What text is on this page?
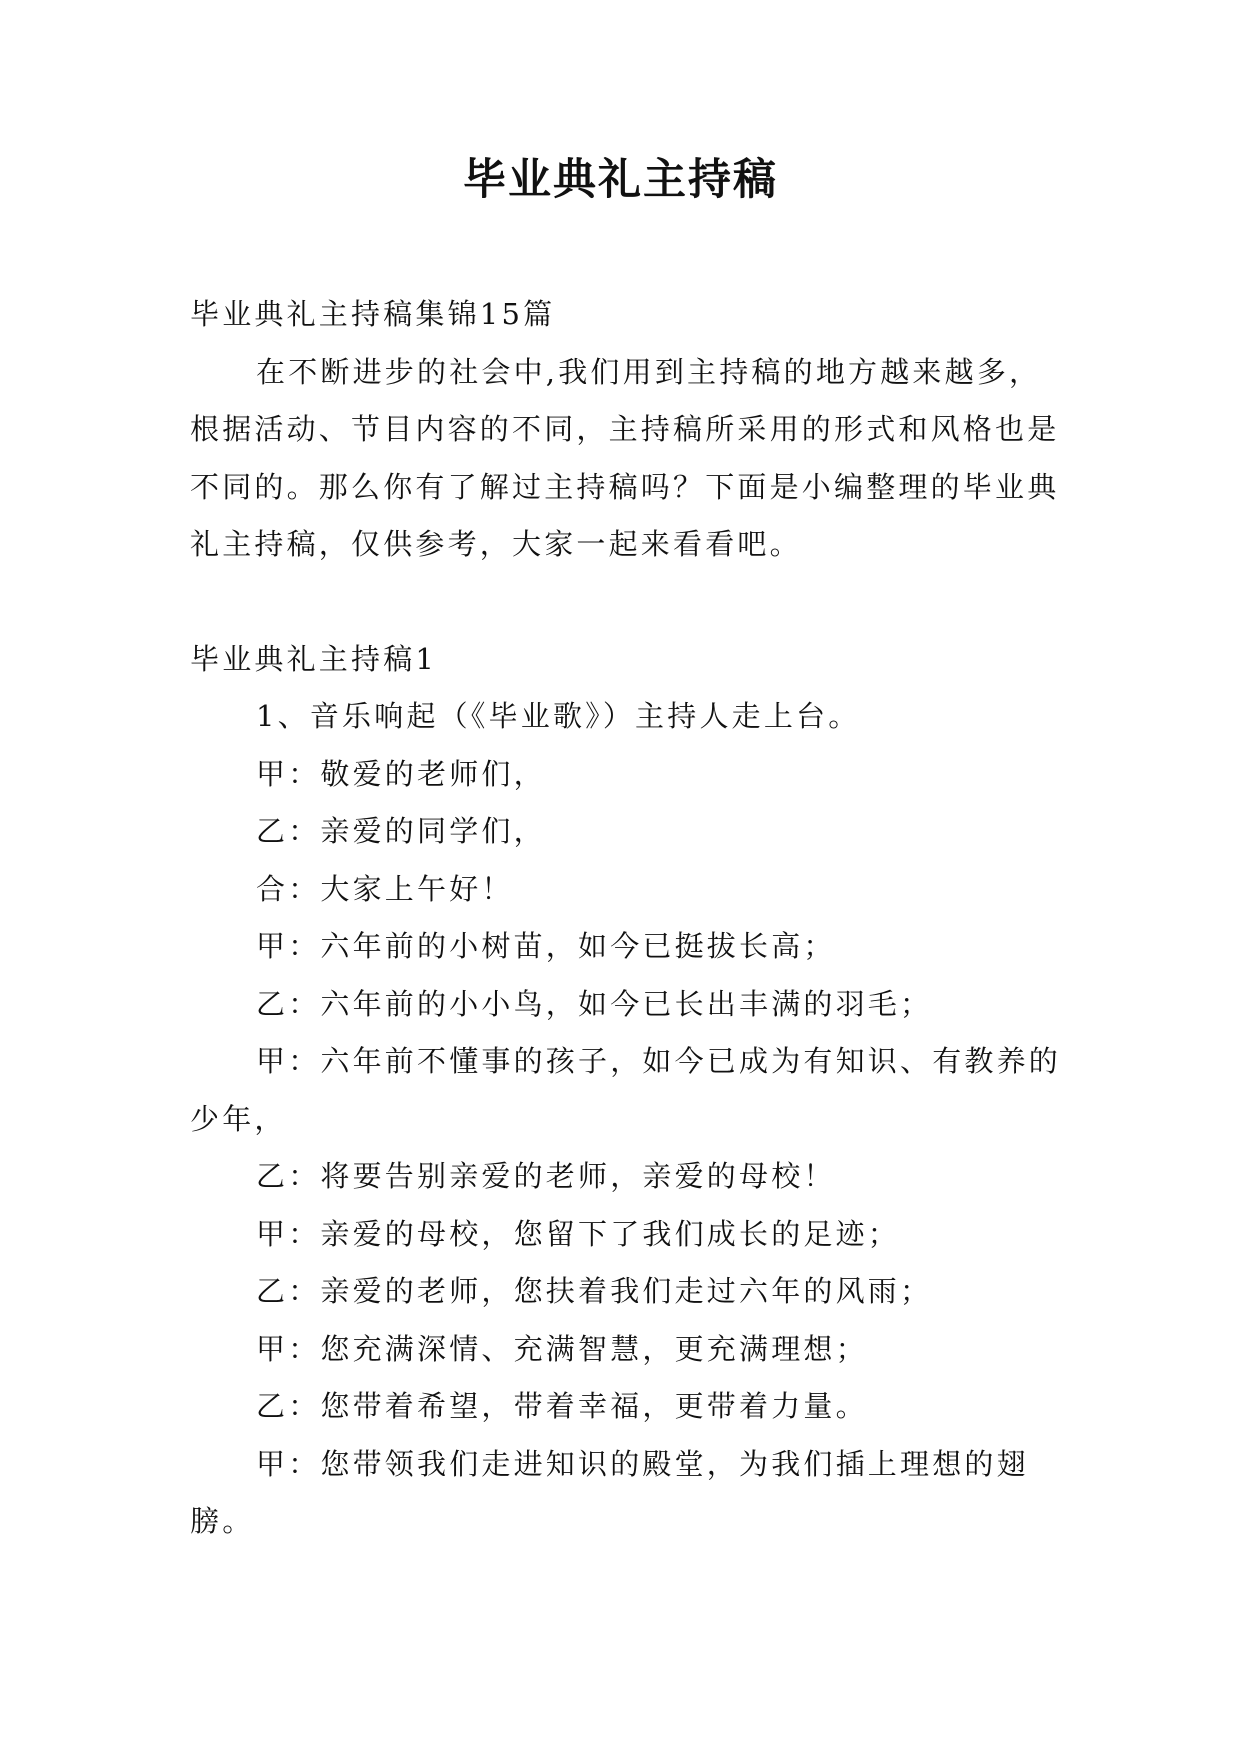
毕业典礼主持稿

毕业典礼主持稿集锦15篇

在不断进步的社会中,我们用到主持稿的地方越来越多，根据活动、节目内容的不同，主持稿所采用的形式和风格也是不同的。那么你有了解过主持稿吗？下面是小编整理的毕业典礼主持稿，仅供参考，大家一起来看看吧。

毕业典礼主持稿1

1、音乐响起（《毕业歌》）主持人走上台。

甲：敬爱的老师们，

乙：亲爱的同学们，

合：大家上午好！

甲：六年前的小树苗，如今已挺拔长高；

乙：六年前的小小鸟，如今已长出丰满的羽毛；

甲：六年前不懂事的孩子，如今已成为有知识、有教养的少年，

乙：将要告别亲爱的老师，亲爱的母校！

甲：亲爱的母校，您留下了我们成长的足迹；

乙：亲爱的老师，您扶着我们走过六年的风雨；

甲：您充满深情、充满智慧，更充满理想；

乙：您带着希望，带着幸福，更带着力量。

甲：您带领我们走进知识的殿堂，为我们插上理想的翅膀。
